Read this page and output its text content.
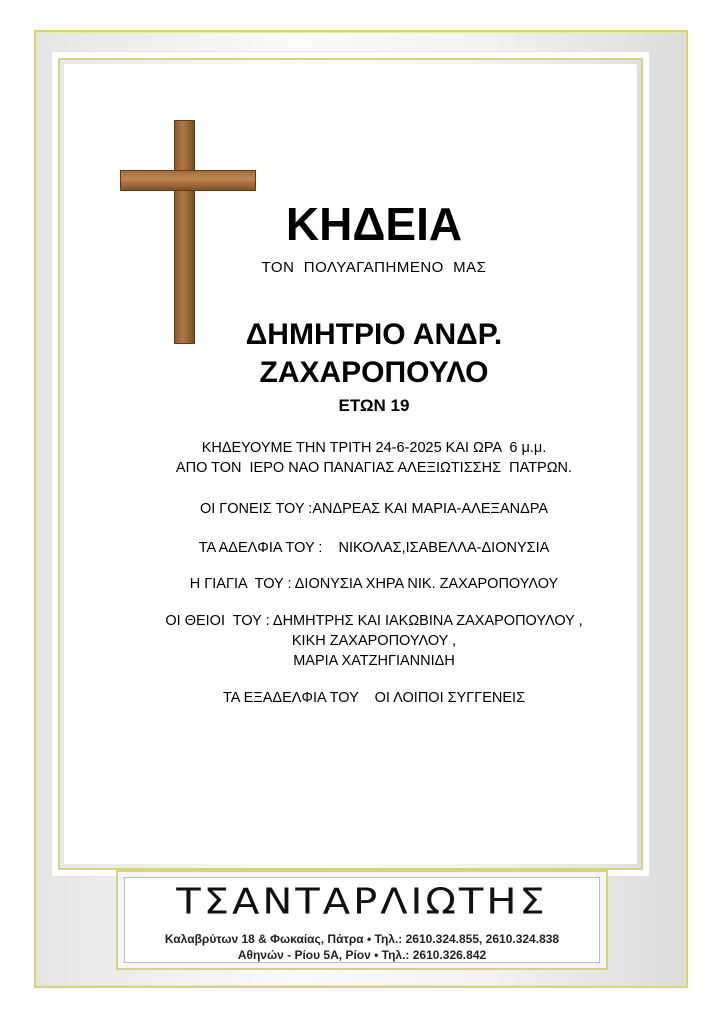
ΚΗΔΕΙΑ
ΤΟΝ  ΠΟΛΥΑΓΑΠΗΜΕΝΟ  ΜΑΣ
ΔΗΜΗΤΡΙΟ ΑΝΔΡ.
ΖΑΧΑΡΟΠΟΥΛΟ
ΕΤΩΝ 19
ΚΗΔΕΥΟΥΜΕ ΤΗΝ ΤΡΙΤΗ 24-6-2025 ΚΑΙ ΩΡΑ  6 μ.μ.
ΑΠΟ ΤΟΝ  ΙΕΡΟ ΝΑΟ ΠΑΝΑΓΙΑΣ ΑΛΕΞΙΩΤΙΣΣΗΣ  ΠΑΤΡΩΝ.
ΟΙ ΓΟΝΕΙΣ ΤΟΥ :ΑΝΔΡΕΑΣ ΚΑΙ ΜΑΡΙΑ-ΑΛΕΞΑΝΔΡΑ
ΤΑ ΑΔΕΛΦΙΑ ΤΟΥ :    ΝΙΚΟΛΑΣ,ΙΣΑΒΕΛΛΑ-ΔΙΟΝΥΣΙΑ
Η ΓΙΑΓΙΑ  ΤΟΥ : ΔΙΟΝΥΣΙΑ ΧΗΡΑ ΝΙΚ. ΖΑΧΑΡΟΠΟΥΛΟΥ
ΟΙ ΘΕΙΟΙ  ΤΟΥ : ΔΗΜΗΤΡΗΣ ΚΑΙ ΙΑΚΩΒΙΝΑ ΖΑΧΑΡΟΠΟΥΛΟΥ ,
ΚΙΚΗ ΖΑΧΑΡΟΠΟΥΛΟΥ ,
ΜΑΡΙΑ ΧΑΤΖΗΓΙΑΝΝΙΔΗ
ΤΑ ΕΞΑΔΕΛΦΙΑ ΤΟΥ    ΟΙ ΛΟΙΠΟΙ ΣΥΓΓΕΝΕΙΣ
ΤΣΑΝΤΑΡΛΙΩΤΗΣ
Καλαβρύτων 18 & Φωκαίας, Πάτρα • Τηλ.: 2610.324.855, 2610.324.838
Αθηνών - Ρίου 5Α, Ρίον • Τηλ.: 2610.326.842
